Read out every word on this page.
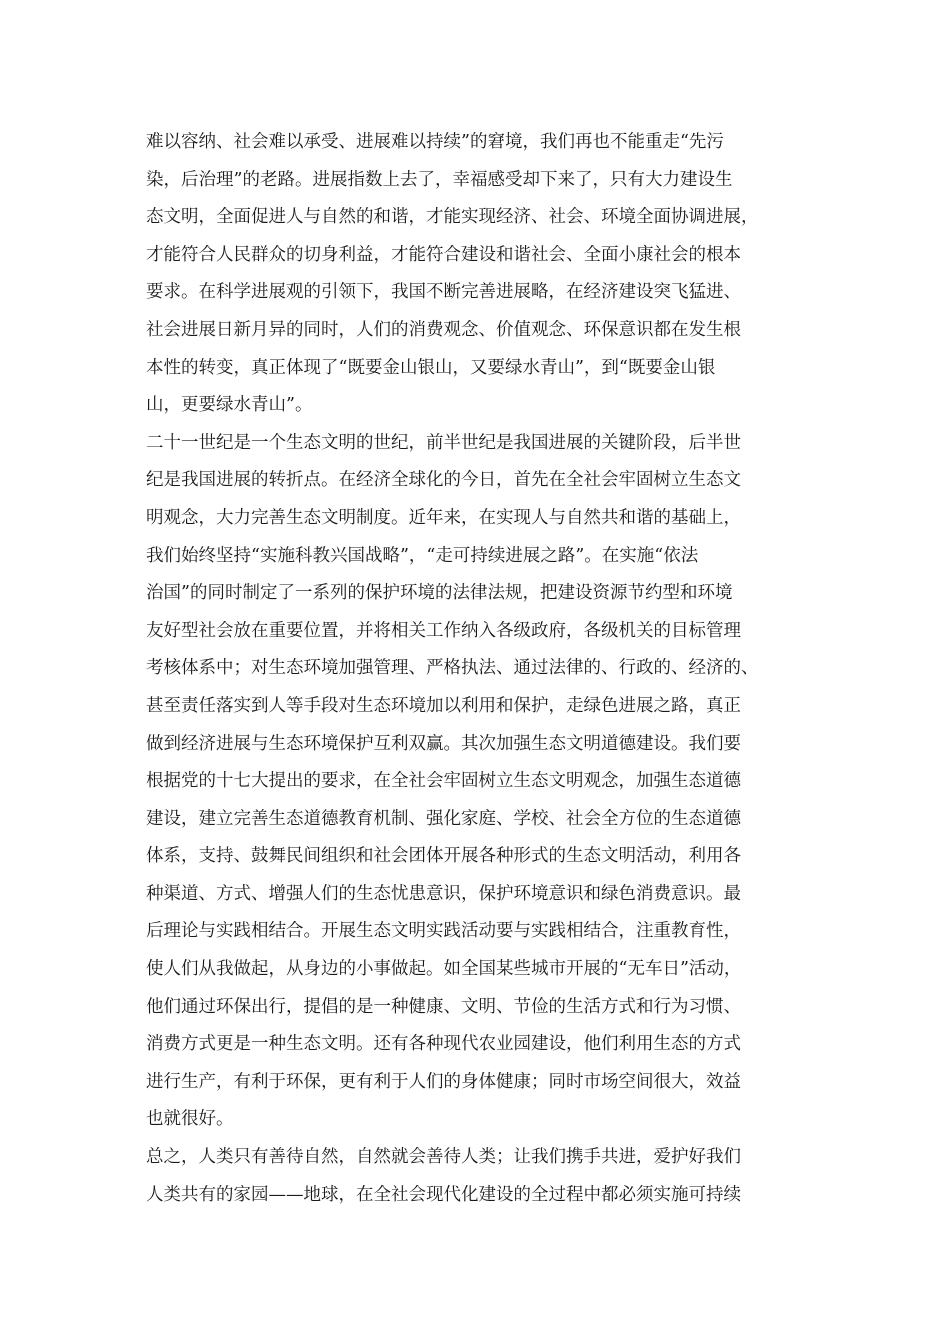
难以容纳、社会难以承受、进展难以持续”的窘境，我们再也不能重走“先污
染，后治理”的老路。进展指数上去了，幸福感受却下来了，只有大力建设生
态文明，全面促进人与自然的和谐，才能实现经济、社会、环境全面协调进展，
才能符合人民群众的切身利益，才能符合建设和谐社会、全面小康社会的根本
要求。在科学进展观的引领下，我国不断完善进展略，在经济建设突飞猛进、
社会进展日新月异的同时，人们的消费观念、价值观念、环保意识都在发生根
本性的转变，真正体现了“既要金山银山，又要绿水青山”，到“既要金山银
山，更要绿水青山”。
二十一世纪是一个生态文明的世纪，前半世纪是我国进展的关键阶段，后半世
纪是我国进展的转折点。在经济全球化的今日，首先在全社会牢固树立生态文
明观念，大力完善生态文明制度。近年来，在实现人与自然共和谐的基础上，
我们始终坚持“实施科教兴国战略”，“走可持续进展之路”。在实施“依法
治国”的同时制定了一系列的保护环境的法律法规，把建设资源节约型和环境
友好型社会放在重要位置，并将相关工作纳入各级政府，各级机关的目标管理
考核体系中；对生态环境加强管理、严格执法、通过法律的、行政的、经济的、
甚至责任落实到人等手段对生态环境加以利用和保护，走绿色进展之路，真正
做到经济进展与生态环境保护互利双赢。其次加强生态文明道德建设。我们要
根据党的十七大提出的要求，在全社会牢固树立生态文明观念，加强生态道德
建设，建立完善生态道德教育机制、强化家庭、学校、社会全方位的生态道德
体系，支持、鼓舞民间组织和社会团体开展各种形式的生态文明活动，利用各
种渠道、方式、增强人们的生态忧患意识，保护环境意识和绿色消费意识。最
后理论与实践相结合。开展生态文明实践活动要与实践相结合，注重教育性，
使人们从我做起，从身边的小事做起。如全国某些城市开展的“无车日”活动，
他们通过环保出行，提倡的是一种健康、文明、节俭的生活方式和行为习惯、
消费方式更是一种生态文明。还有各种现代农业园建设，他们利用生态的方式
进行生产，有利于环保，更有利于人们的身体健康；同时市场空间很大，效益
也就很好。
总之，人类只有善待自然，自然就会善待人类；让我们携手共进，爱护好我们
人类共有的家园——地球，在全社会现代化建设的全过程中都必须实施可持续
